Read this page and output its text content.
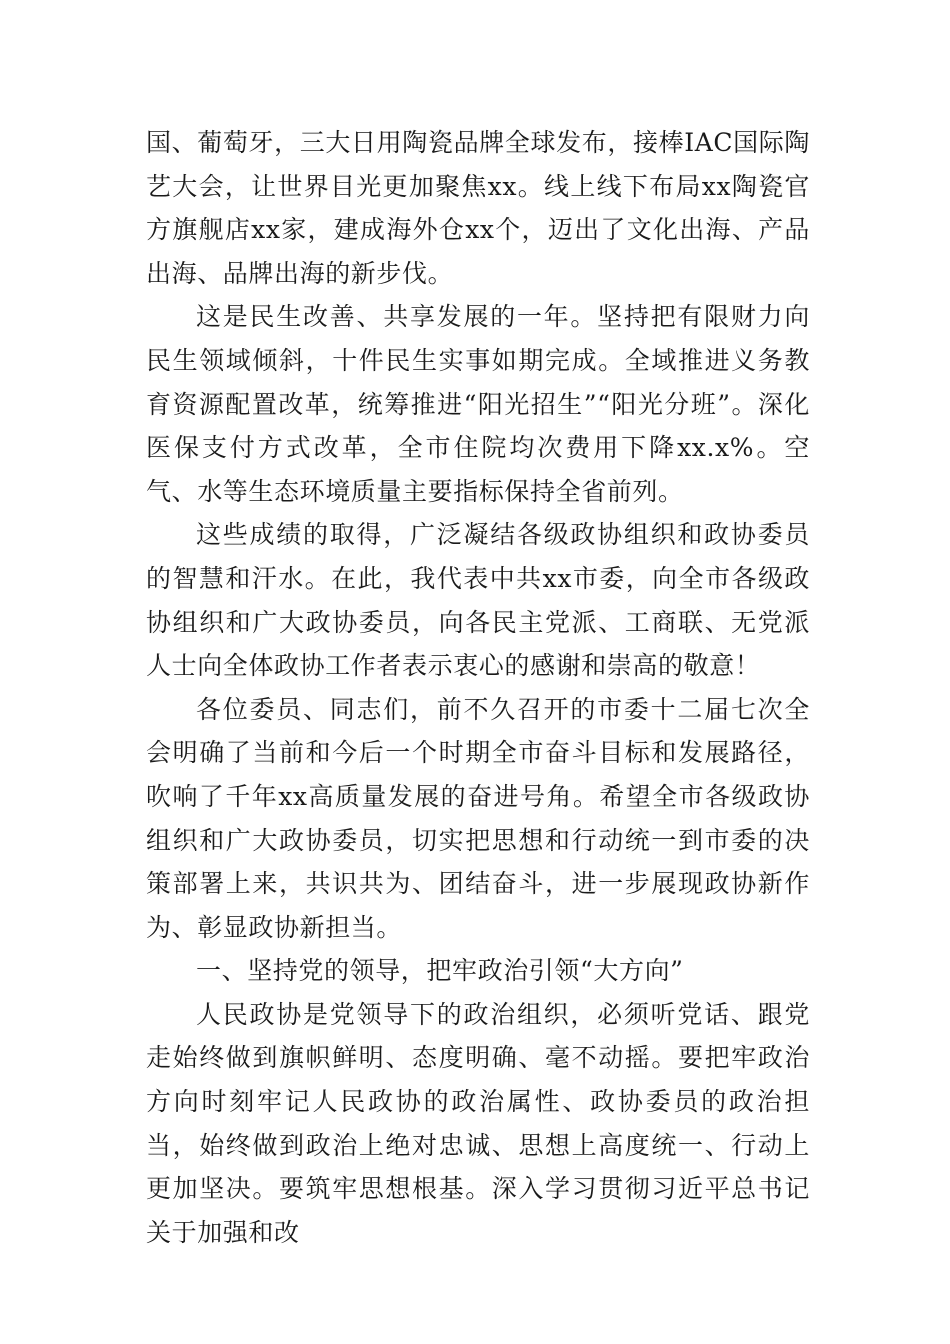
国、葡萄牙，三大日用陶瓷品牌全球发布，接棒IAC国际陶艺大会，让世界目光更加聚焦xx。线上线下布局xx陶瓷官方旗舰店xx家，建成海外仓xx个，迈出了文化出海、产品出海、品牌出海的新步伐。

这是民生改善、共享发展的一年。坚持把有限财力向民生领域倾斜，十件民生实事如期完成。全域推进义务教育资源配置改革，统筹推进“阳光招生”“阳光分班”。深化医保支付方式改革，全市住院均次费用下降xx.x%。空气、水等生态环境质量主要指标保持全省前列。

这些成绩的取得，广泛凝结各级政协组织和政协委员的智慧和汗水。在此，我代表中共xx市委，向全市各级政协组织和广大政协委员，向各民主党派、工商联、无党派人士向全体政协工作者表示衷心的感谢和崇高的敬意！

各位委员、同志们，前不久召开的市委十二届七次全会明确了当前和今后一个时期全市奋斗目标和发展路径，吹响了千年xx高质量发展的奋进号角。希望全市各级政协组织和广大政协委员，切实把思想和行动统一到市委的决策部署上来，共识共为、团结奋斗，进一步展现政协新作为、彰显政协新担当。

一、坚持党的领导，把牢政治引领“大方向”

人民政协是党领导下的政治组织，必须听党话、跟党走始终做到旗帜鲜明、态度明确、毫不动摇。要把牢政治方向时刻牢记人民政协的政治属性、政协委员的政治担当，始终做到政治上绝对忠诚、思想上高度统一、行动上更加坚决。要筑牢思想根基。深入学习贯彻习近平总书记关于加强和改
